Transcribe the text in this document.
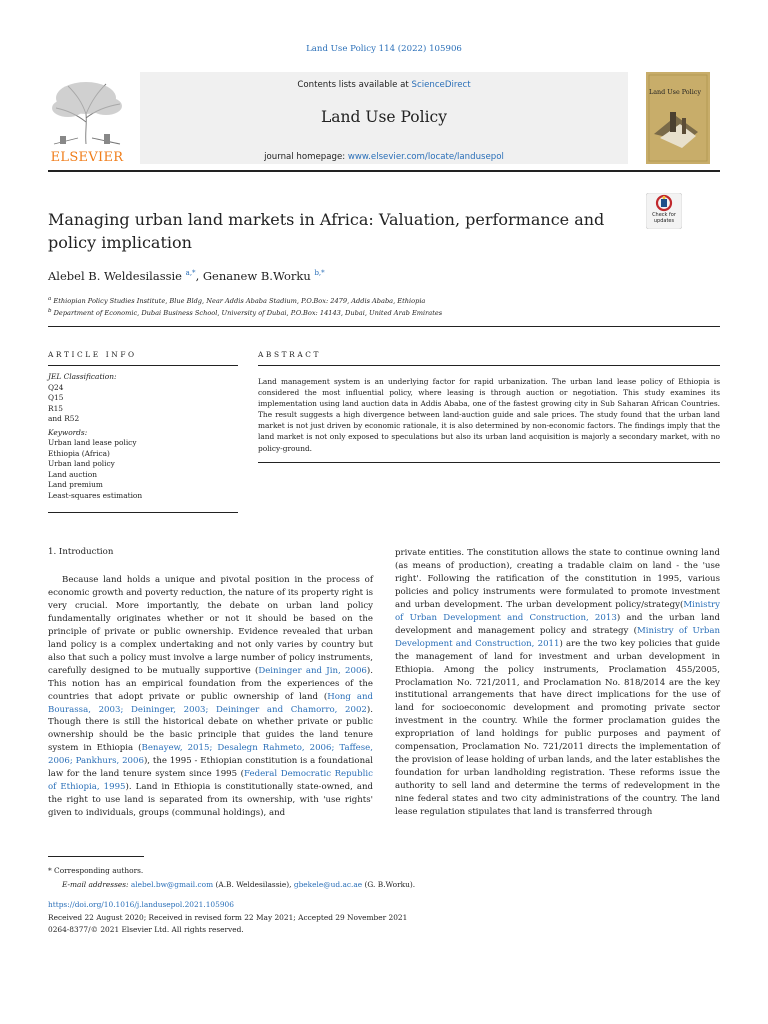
Land Use Policy 114 (2022) 105906
Contents lists available at ScienceDirect
Land Use Policy
journal homepage: www.elsevier.com/locate/landusepol
ELSEVIER
Land Use Policy
Managing urban land markets in Africa: Valuation, performance and policy implication
Check for
updates
Alebel B. Weldesilassie $^{a,*}$, Genanew B.Worku $^{b,*}$
$^a$ Ethiopian Policy Studies Institute, Blue Bldg, Near Addis Ababa Stadium, P.O.Box: 2479, Addis Ababa, Ethiopia
$^b$ Department of Economic, Dubai Business School, University of Dubai, P.O.Box: 14143, Dubai, United Arab Emirates
ARTICLE INFO	ABSTRACT
JEL Classification:
Q24
Q15
R15
and R52
Keywords:
Urban land lease policy
Ethiopia (Africa)
Urban land policy
Land auction
Land premium
Least-squares estimation
Land management system is an underlying factor for rapid urbanization. The urban land lease policy of Ethiopia is considered the most influential policy, where leasing is through auction or negotiation. This study examines its implementation using land auction data in Addis Ababa, one of the fastest growing city in Sub Saharan African Countries. The result suggests a high divergence between land-auction guide and sale prices. The study found that the urban land market is not just driven by economic rationale, it is also determined by non-economic factors. The findings imply that the land market is not only exposed to speculations but also its urban land acquisition is majorly a secondary market, with no policy-ground.
1. Introduction
Because land holds a unique and pivotal position in the process of economic growth and poverty reduction, the nature of its property right is very crucial. More importantly, the debate on urban land policy fundamentally originates whether or not it should be based on the principle of private or public ownership. Evidence revealed that urban land policy is a complex undertaking and not only varies by country but also that such a policy must involve a large number of policy instruments, carefully designed to be mutually supportive (Deininger and Jin, 2006). This notion has an empirical foundation from the experiences of the countries that adopt private or public ownership of land (Hong and Bourassa, 2003; Deininger, 2003; Deininger and Chamorro, 2002). Though there is still the historical debate on whether private or public ownership should be the basic principle that guides the land tenure system in Ethiopia (Benayew, 2015; Desalegn Rahmeto, 2006; Taffese, 2006; Pankhurs, 2006), the 1995 - Ethiopian constitution is a foundational law for the land tenure system since 1995 (Federal Democratic Republic of Ethiopia, 1995). Land in Ethiopia is constitutionally state-owned, and the right to use land is separated from its ownership, with 'use rights' given to individuals, groups (communal holdings), and
private entities. The constitution allows the state to continue owning land (as means of production), creating a tradable claim on land - the 'use right'. Following the ratification of the constitution in 1995, various policies and policy instruments were formulated to promote investment and urban development. The urban development policy/strategy(Ministry of Urban Development and Construction, 2013) and the urban land development and management policy and strategy (Ministry of Urban Development and Construction, 2011) are the two key policies that guide the management of land for investment and urban development in Ethiopia. Among the policy instruments, Proclamation 455/2005, Proclamation No. 721/2011, and Proclamation No. 818/2014 are the key institutional arrangements that have direct implications for the use of land for socioeconomic development and promoting private sector investment in the country. While the former proclamation guides the expropriation of land holdings for public purposes and payment of compensation, Proclamation No. 721/2011 directs the implementation of the provision of lease holding of urban lands, and the later establishes the foundation for urban landholding registration. These reforms issue the authority to sell land and determine the terms of redevelopment in the nine federal states and two city administrations of the country. The land lease regulation stipulates that land is transferred through
* Corresponding authors.
E-mail addresses: alebel.bw@gmail.com (A.B. Weldesilassie), gbekele@ud.ac.ae (G. B.Worku).
https://doi.org/10.1016/j.landusepol.2021.105906
Received 22 August 2020; Received in revised form 22 May 2021; Accepted 29 November 2021
0264-8377/© 2021 Elsevier Ltd. All rights reserved.
